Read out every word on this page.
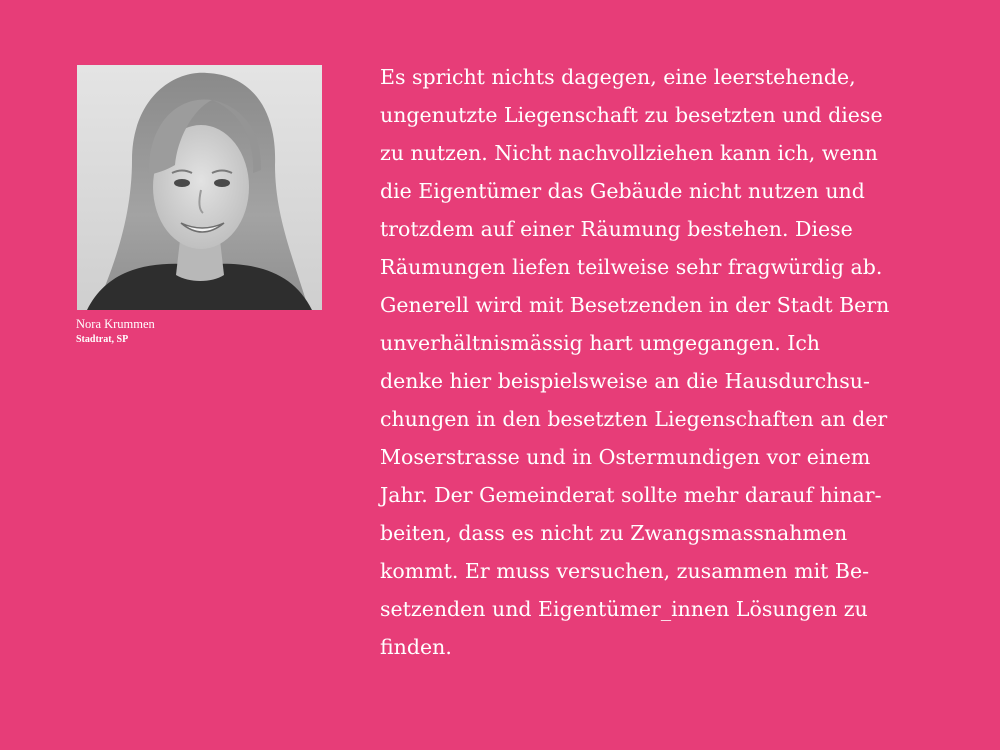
Nora Krummen
Stadtrat, SP

Es spricht nichts dagegen, eine leerstehende,
ungenutzte Liegenschaft zu besetzten und diese
zu nutzen. Nicht nachvollziehen kann ich, wenn
die Eigentümer das Gebäude nicht nutzen und
trotzdem auf einer Räumung bestehen. Diese
Räumungen liefen teilweise sehr fragwürdig ab.
Generell wird mit Besetzenden in der Stadt Bern
unverhältnismässig hart umgegangen. Ich
denke hier beispielsweise an die Hausdurchsu-
chungen in den besetzten Liegenschaften an der
Moserstrasse und in Ostermundigen vor einem
Jahr. Der Gemeinderat sollte mehr darauf hinar-
beiten, dass es nicht zu Zwangsmassnahmen
kommt. Er muss versuchen, zusammen mit Be-
setzenden und Eigentümer_innen Lösungen zu
finden.
